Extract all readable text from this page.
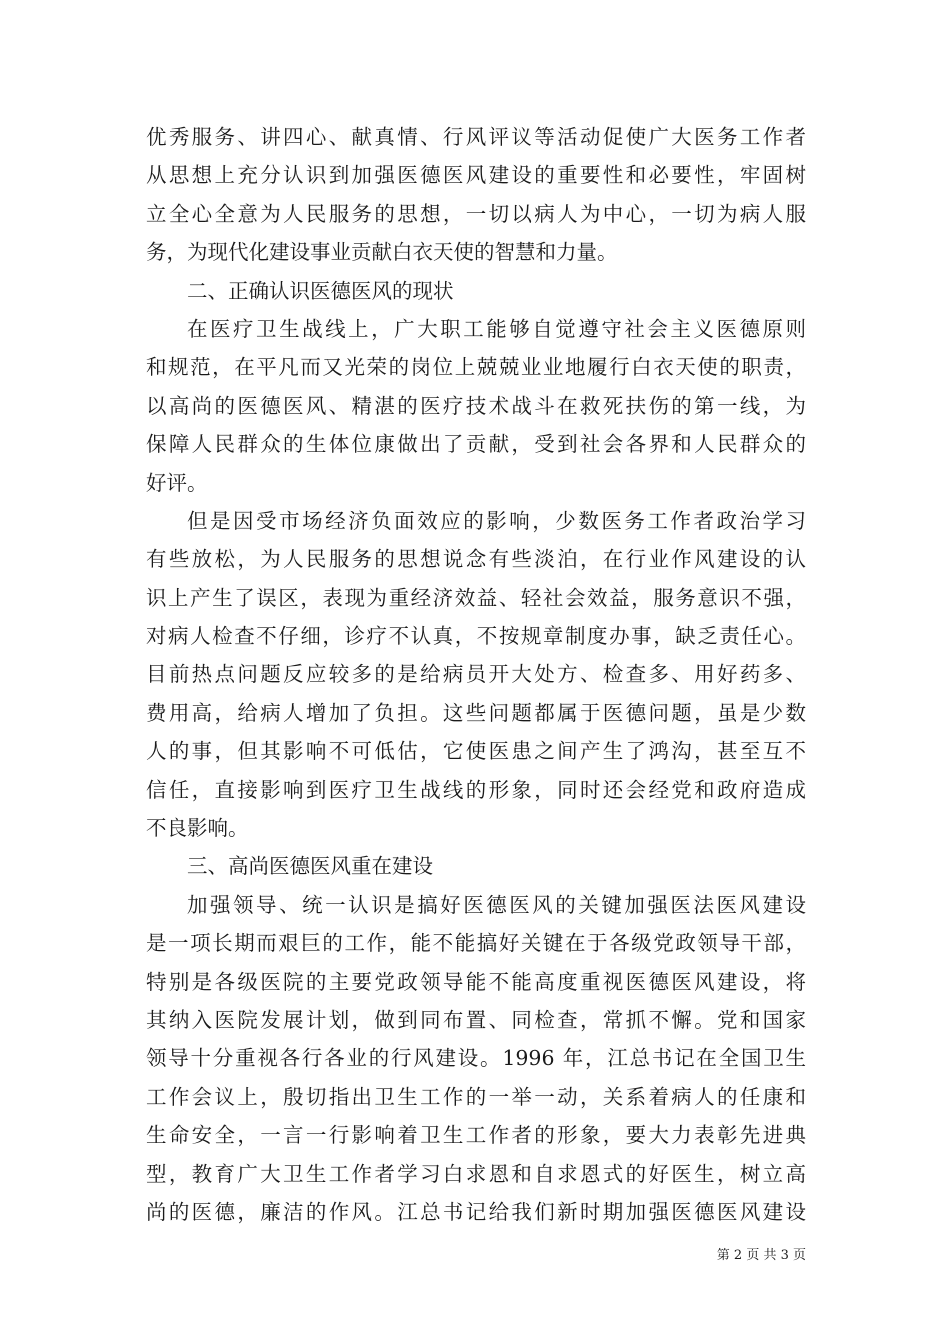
优秀服务、讲四心、献真情、行风评议等活动促使广大医务工作者
从思想上充分认识到加强医德医风建设的重要性和必要性，牢固树
立全心全意为人民服务的思想，一切以病人为中心，一切为病人服
务，为现代化建设事业贡献白衣天使的智慧和力量。
二、正确认识医德医风的现状
在医疗卫生战线上，广大职工能够自觉遵守社会主义医德原则
和规范，在平凡而又光荣的岗位上兢兢业业地履行白衣天使的职责，
以高尚的医德医风、精湛的医疗技术战斗在救死扶伤的第一线，为
保障人民群众的生体位康做出了贡献，受到社会各界和人民群众的
好评。
但是因受市场经济负面效应的影响，少数医务工作者政治学习
有些放松，为人民服务的思想说念有些淡泊，在行业作风建设的认
识上产生了误区，表现为重经济效益、轻社会效益，服务意识不强，
对病人检查不仔细，诊疗不认真，不按规章制度办事，缺乏责任心。
目前热点问题反应较多的是给病员开大处方、检查多、用好药多、
费用高，给病人增加了负担。这些问题都属于医德问题，虽是少数
人的事，但其影响不可低估，它使医患之间产生了鸿沟，甚至互不
信任，直接影响到医疗卫生战线的形象，同时还会经党和政府造成
不良影响。
三、高尚医德医风重在建设
加强领导、统一认识是搞好医德医风的关键加强医法医风建设
是一项长期而艰巨的工作，能不能搞好关键在于各级党政领导干部，
特别是各级医院的主要党政领导能不能高度重视医德医风建设，将
其纳入医院发展计划，做到同布置、同检查，常抓不懈。党和国家
领导十分重视各行各业的行风建设。1996 年，江总书记在全国卫生
工作会议上，殷切指出卫生工作的一举一动，关系着病人的任康和
生命安全，一言一行影响着卫生工作者的形象，要大力表彰先进典
型，教育广大卫生工作者学习白求恩和自求恩式的好医生，树立高
尚的医德，廉洁的作风。江总书记给我们新时期加强医德医风建设
第 2 页 共 3 页
